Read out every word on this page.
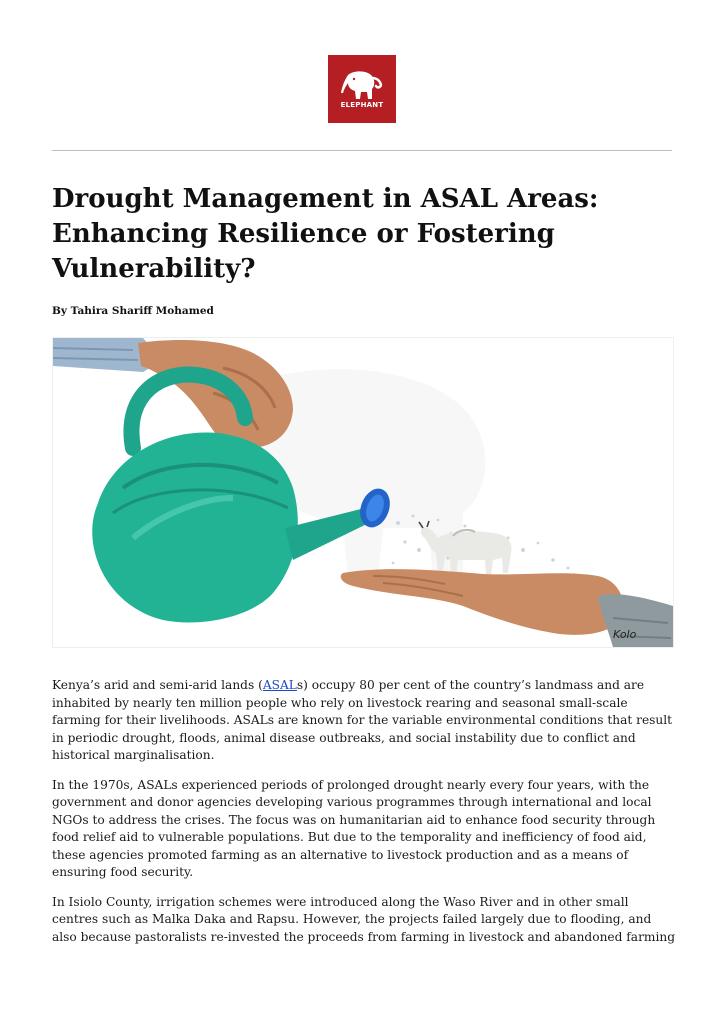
ELEPHANT
Drought Management in ASAL Areas: Enhancing Resilience or Fostering Vulnerability?

By Tahira Shariff Mohamed

Kolo

Kenya’s arid and semi-arid lands (ASALs) occupy 80 per cent of the country’s landmass and are inhabited by nearly ten million people who rely on livestock rearing and seasonal small-scale farming for their livelihoods. ASALs are known for the variable environmental conditions that result in periodic drought, floods, animal disease outbreaks, and social instability due to conflict and historical marginalisation.

In the 1970s, ASALs experienced periods of prolonged drought nearly every four years, with the government and donor agencies developing various programmes through international and local NGOs to address the crises. The focus was on humanitarian aid to enhance food security through food relief aid to vulnerable populations. But due to the temporality and inefficiency of food aid, these agencies promoted farming as an alternative to livestock production and as a means of ensuring food security.

In Isiolo County, irrigation schemes were introduced along the Waso River and in other small centres such as Malka Daka and Rapsu. However, the projects failed largely due to flooding, and also because pastoralists re-invested the proceeds from farming in livestock and abandoned farming
